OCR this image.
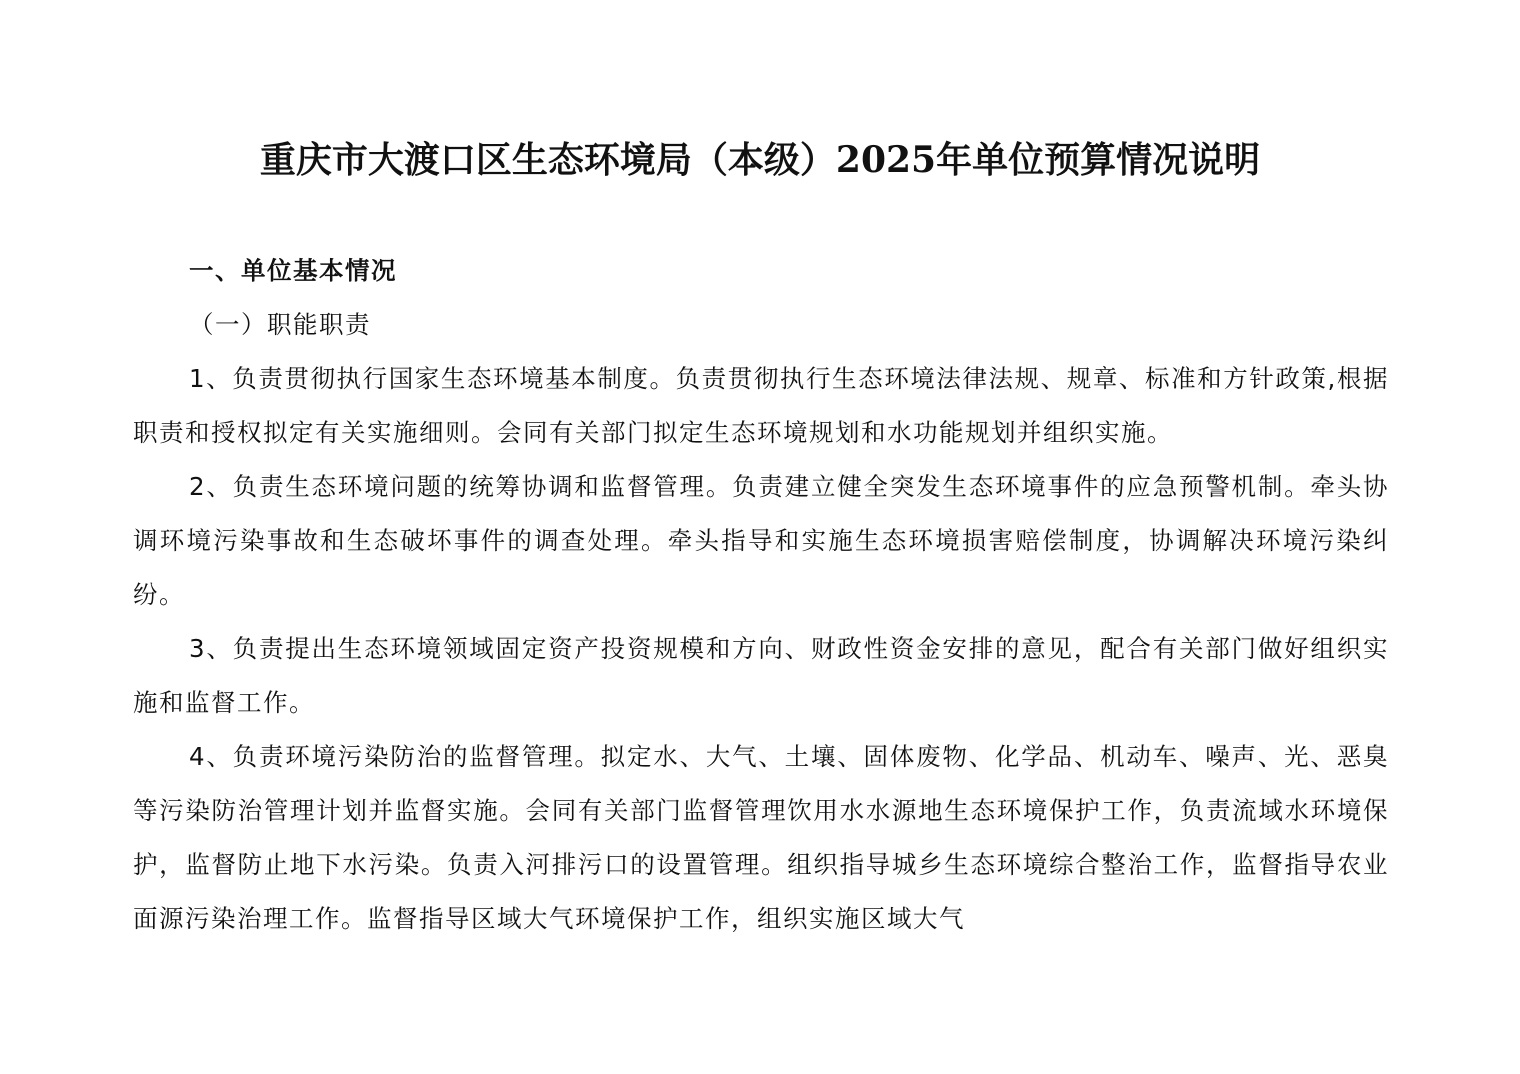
重庆市大渡口区生态环境局（本级）2025年单位预算情况说明

一、单位基本情况

（一）职能职责

1、负责贯彻执行国家生态环境基本制度。负责贯彻执行生态环境法律法规、规章、标准和方针政策,根据职责和授权拟定有关实施细则。会同有关部门拟定生态环境规划和水功能规划并组织实施。

2、负责生态环境问题的统筹协调和监督管理。负责建立健全突发生态环境事件的应急预警机制。牵头协调环境污染事故和生态破坏事件的调查处理。牵头指导和实施生态环境损害赔偿制度，协调解决环境污染纠纷。

3、负责提出生态环境领域固定资产投资规模和方向、财政性资金安排的意见，配合有关部门做好组织实施和监督工作。

4、负责环境污染防治的监督管理。拟定水、大气、土壤、固体废物、化学品、机动车、噪声、光、恶臭等污染防治管理计划并监督实施。会同有关部门监督管理饮用水水源地生态环境保护工作，负责流域水环境保护，监督防止地下水污染。负责入河排污口的设置管理。组织指导城乡生态环境综合整治工作，监督指导农业面源污染治理工作。监督指导区域大气环境保护工作，组织实施区域大气
